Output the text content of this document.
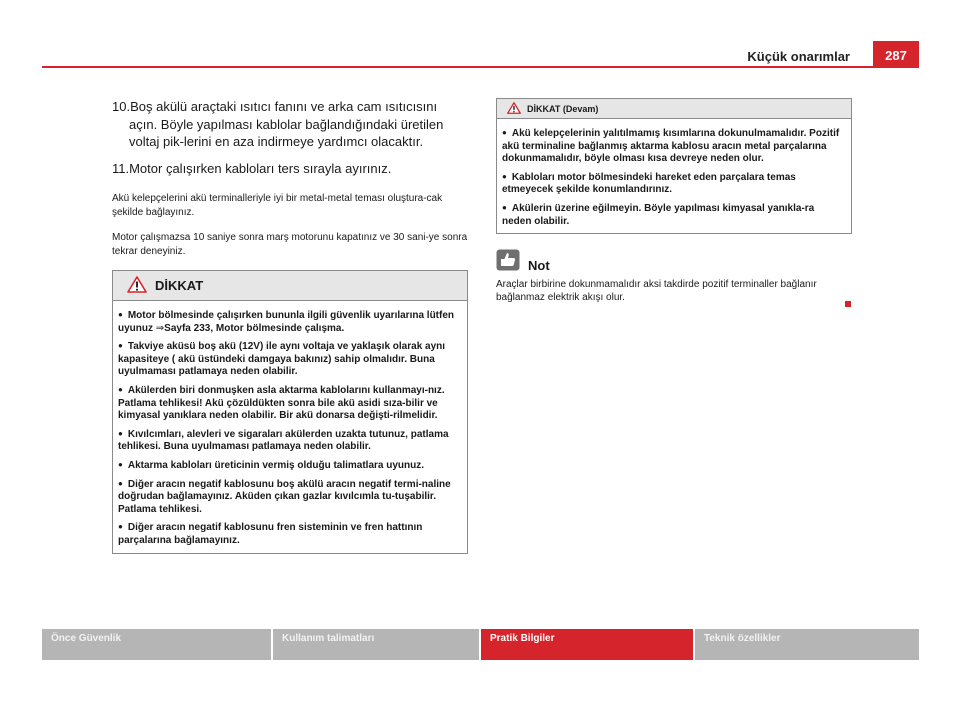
Küçük onarımlar	287

10.Boş akülü araçtaki ısıtıcı fanını ve arka cam ısıtıcısını açın. Böyle yapılması kablolar bağlandığındaki üretilen voltaj pik-lerini en aza indirmeye yardımcı olacaktır.

11.Motor çalışırken kabloları ters sırayla ayırınız.

Akü kelepçelerini akü terminalleriyle iyi bir metal-metal teması oluştura-cak şekilde bağlayınız.

Motor çalışmazsa 10 saniye sonra marş motorunu kapatınız ve 30 sani-ye sonra tekrar deneyiniz.

DİKKAT

● Motor bölmesinde çalışırken bununla ilgili güvenlik uyarılarına lütfen uyunuz ⇒Sayfa 233, Motor bölmesinde çalışma.

● Takviye aküsü boş akü (12V) ile aynı voltaja ve yaklaşık olarak aynı kapasiteye ( akü üstündeki damgaya bakınız) sahip olmalıdır. Buna uyulmaması patlamaya neden olabilir.

● Akülerden biri donmuşken asla aktarma kablolarını kullanmayı-nız. Patlama tehlikesi! Akü çözüldükten sonra bile akü asidi sıza-bilir ve kimyasal yanıklara neden olabilir. Bir akü donarsa değişti-rilmelidir.

● Kıvılcımları, alevleri ve sigaraları akülerden uzakta tutunuz, patlama tehlikesi. Buna uyulmaması patlamaya neden olabilir.

● Aktarma kabloları üreticinin vermiş olduğu talimatlara uyunuz.

● Diğer aracın negatif kablosunu boş akülü aracın negatif termi-naline doğrudan bağlamayınız. Aküden çıkan gazlar kıvılcımla tu-tuşabilir. Patlama tehlikesi.

● Diğer aracın negatif kablosunu fren sisteminin ve fren hattının parçalarına bağlamayınız.

DİKKAT (Devam)

● Akü kelepçelerinin yalıtılmamış kısımlarına dokunulmamalıdır. Pozitif akü terminaline bağlanmış aktarma kablosu aracın metal parçalarına dokunmamalıdır, böyle olması kısa devreye neden olur.

● Kabloları motor bölmesindeki hareket eden parçalara temas etmeyecek şekilde konumlandırınız.

● Akülerin üzerine eğilmeyin. Böyle yapılması kimyasal yanıkla-ra neden olabilir.

Not

Araçlar birbirine dokunmamalıdır aksi takdirde pozitif terminaller bağlanır bağlanmaz elektrik akışı olur.

Önce Güvenlik	Kullanım talimatları	Pratik Bilgiler	Teknik özellikler
